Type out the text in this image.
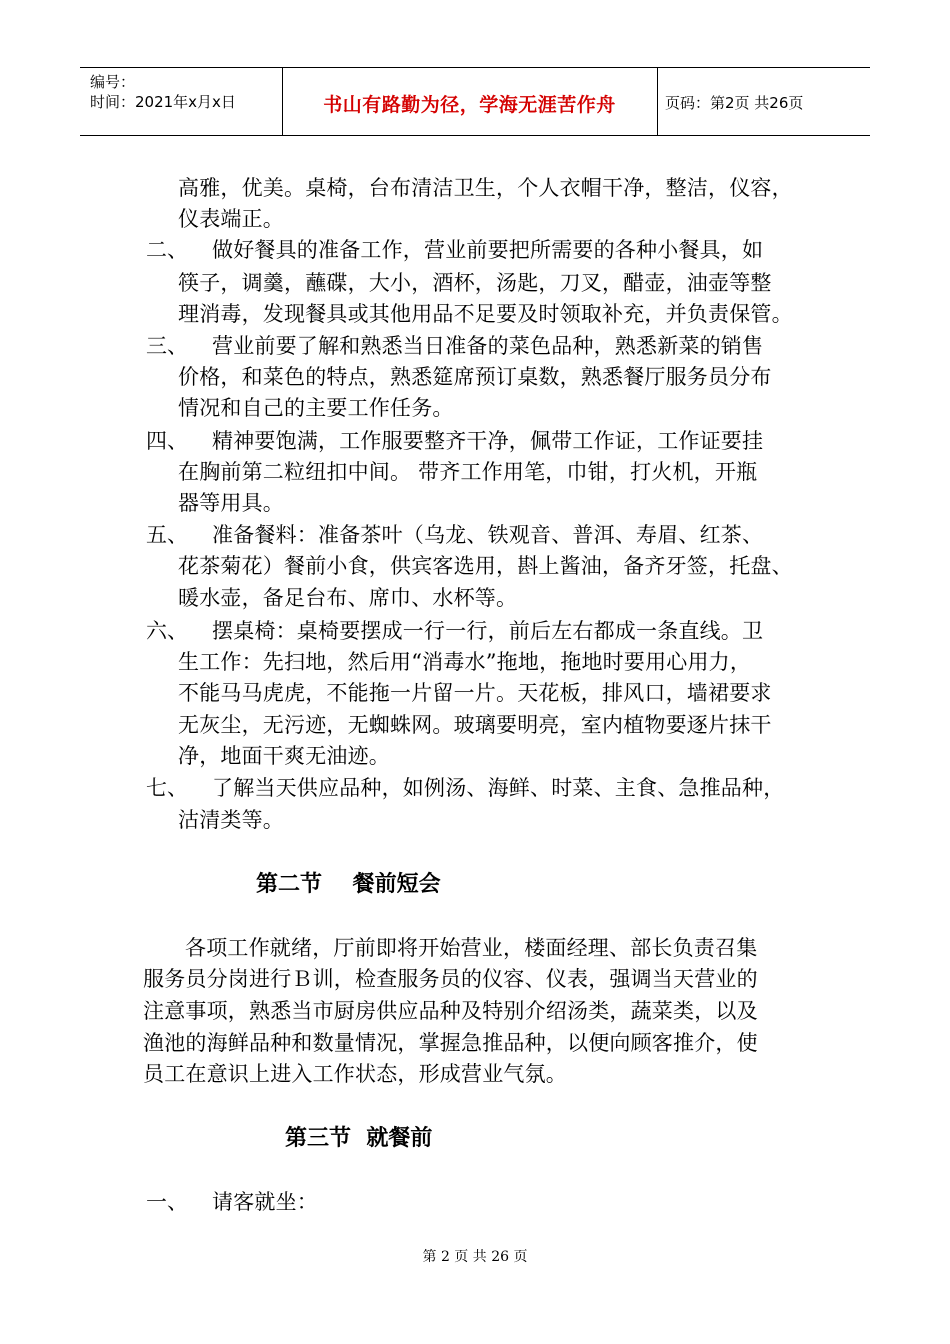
编号：
时间：2021年x月x日	书山有路勤为径，学海无涯苦作舟	页码：第2页 共26页
高雅，优美。桌椅，台布清洁卫生，个人衣帽干净，整洁，仪容，
仪表端正。
二、 做好餐具的准备工作，营业前要把所需要的各种小餐具，如
筷子，调羹，蘸碟，大小，酒杯，汤匙，刀叉，醋壶，油壶等整
理消毒，发现餐具或其他用品不足要及时领取补充，并负责保管。
三、 营业前要了解和熟悉当日准备的菜色品种，熟悉新菜的销售
价格，和菜色的特点，熟悉筵席预订桌数，熟悉餐厅服务员分布
情况和自己的主要工作任务。
四、 精神要饱满，工作服要整齐干净，佩带工作证，工作证要挂
在胸前第二粒纽扣中间。 带齐工作用笔，巾钳，打火机，开瓶
器等用具。
五、 准备餐料：准备茶叶（乌龙、铁观音、普洱、寿眉、红茶、
花茶菊花）餐前小食，供宾客选用，斟上酱油，备齐牙签，托盘、
暖水壶，备足台布、席巾、水杯等。
六、 摆桌椅：桌椅要摆成一行一行，前后左右都成一条直线。卫
生工作：先扫地，然后用“消毒水”拖地，拖地时要用心用力，
不能马马虎虎，不能拖一片留一片。天花板，排风口，墙裙要求
无灰尘，无污迹，无蜘蛛网。玻璃要明亮，室内植物要逐片抹干
净，地面干爽无油迹。
七、 了解当天供应品种，如例汤、海鲜、时菜、主食、急推品种，
沽清类等。
第二节    餐前短会
各项工作就绪，厅前即将开始营业，楼面经理、部长负责召集
服务员分岗进行Ｂ训，检查服务员的仪容、仪表，强调当天营业的
注意事项，熟悉当市厨房供应品种及特别介绍汤类，蔬菜类，以及
渔池的海鲜品种和数量情况，掌握急推品种，以便向顾客推介，使
员工在意识上进入工作状态，形成营业气氛。
第三节  就餐前
一、 请客就坐：
第 2 页 共 26 页
